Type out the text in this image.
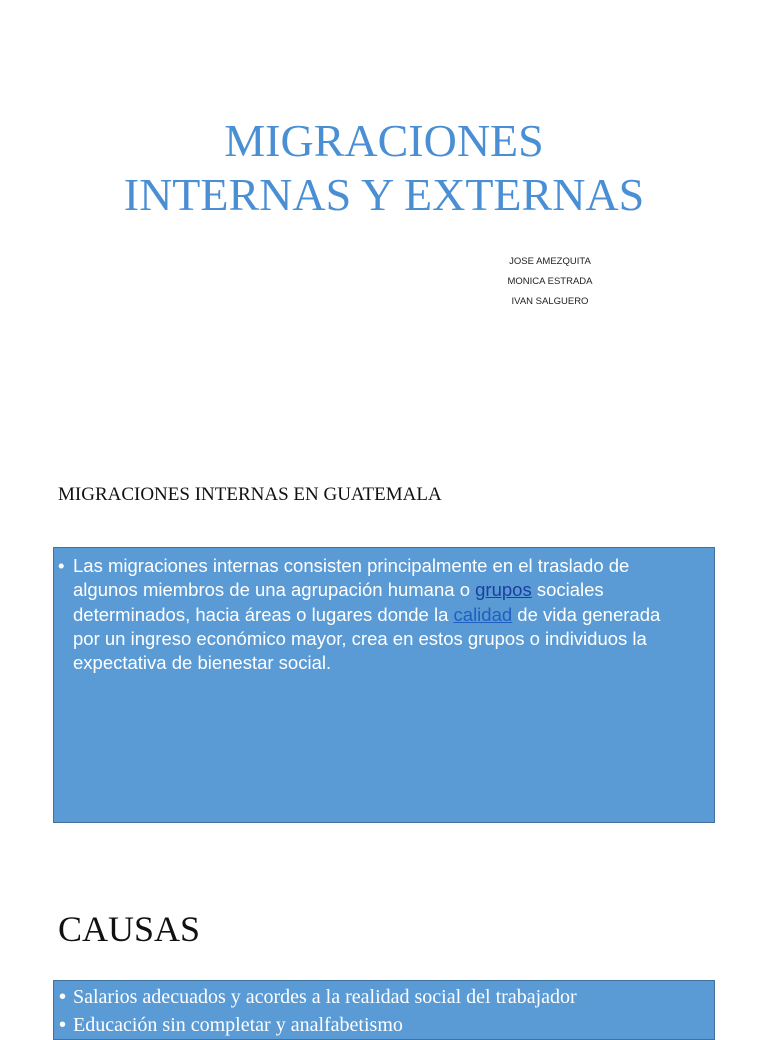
MIGRACIONES
INTERNAS Y EXTERNAS
JOSE AMEZQUITA
MONICA ESTRADA
IVAN SALGUERO
MIGRACIONES INTERNAS EN GUATEMALA
• Las migraciones internas consisten principalmente en el traslado de algunos miembros de una agrupación humana o grupos sociales determinados, hacia áreas o lugares donde la calidad de vida generada por un ingreso económico mayor, crea en estos grupos o individuos la expectativa de bienestar social.
CAUSAS
• Salarios adecuados y acordes a la realidad social del trabajador
• Educación sin completar y analfabetismo
